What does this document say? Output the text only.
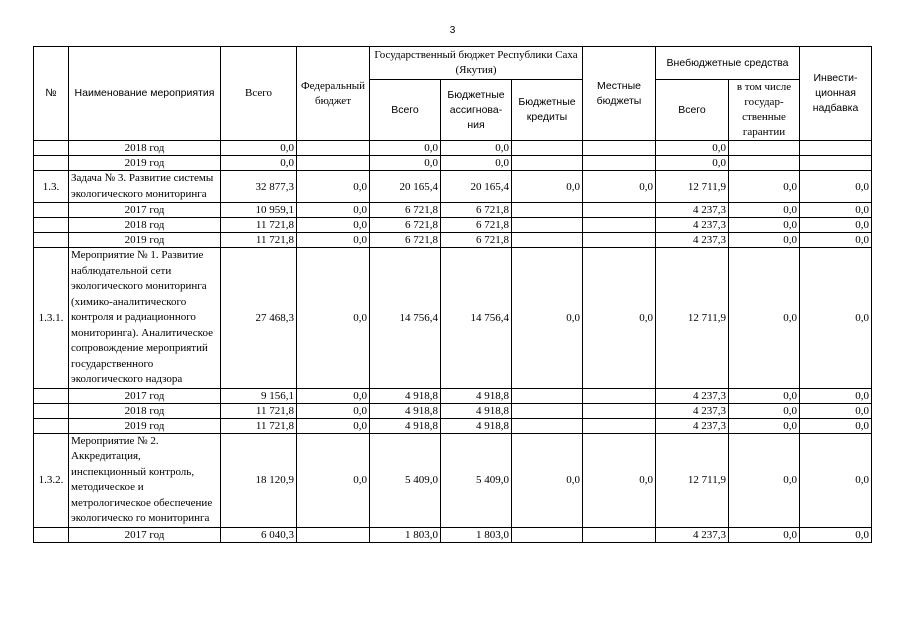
3
№	Наименование мероприятия	Всего	Федеральный бюджет	Государственный бюджет Республики Саха (Якутия)			Местные бюджеты	Внебюджетные средства		Инвести-ционная надбавка
				Всего	Бюджетные ассигнова-ния	Бюджетные кредиты		Всего	в том числе государ-ственные гарантии	
	2018 год	0,0		0,0	0,0			0,0		
	2019 год	0,0		0,0	0,0			0,0		
1.3.	Задача № 3. Развитие системы экологического мониторинга	32 877,3	0,0	20 165,4	20 165,4	0,0	0,0	12 711,9	0,0	0,0
	2017 год	10 959,1	0,0	6 721,8	6 721,8			4 237,3	0,0	0,0
	2018 год	11 721,8	0,0	6 721,8	6 721,8			4 237,3	0,0	0,0
	2019 год	11 721,8	0,0	6 721,8	6 721,8			4 237,3	0,0	0,0
1.3.1.	Мероприятие № 1. Развитие наблюдательной сети экологического мониторинга (химико-аналитического контроля и радиационного мониторинга). Аналитическое сопровождение мероприятий государственного экологического надзора	27 468,3	0,0	14 756,4	14 756,4	0,0	0,0	12 711,9	0,0	0,0
	2017 год	9 156,1	0,0	4 918,8	4 918,8			4 237,3	0,0	0,0
	2018 год	11 721,8	0,0	4 918,8	4 918,8			4 237,3	0,0	0,0
	2019 год	11 721,8	0,0	4 918,8	4 918,8			4 237,3	0,0	0,0
1.3.2.	Мероприятие № 2. Аккредитация, инспекционный контроль, методическое и метрологическое обеспечение экологическо го мониторинга	18 120,9	0,0	5 409,0	5 409,0	0,0	0,0	12 711,9	0,0	0,0
	2017 год	6 040,3		1 803,0	1 803,0			4 237,3	0,0	0,0
